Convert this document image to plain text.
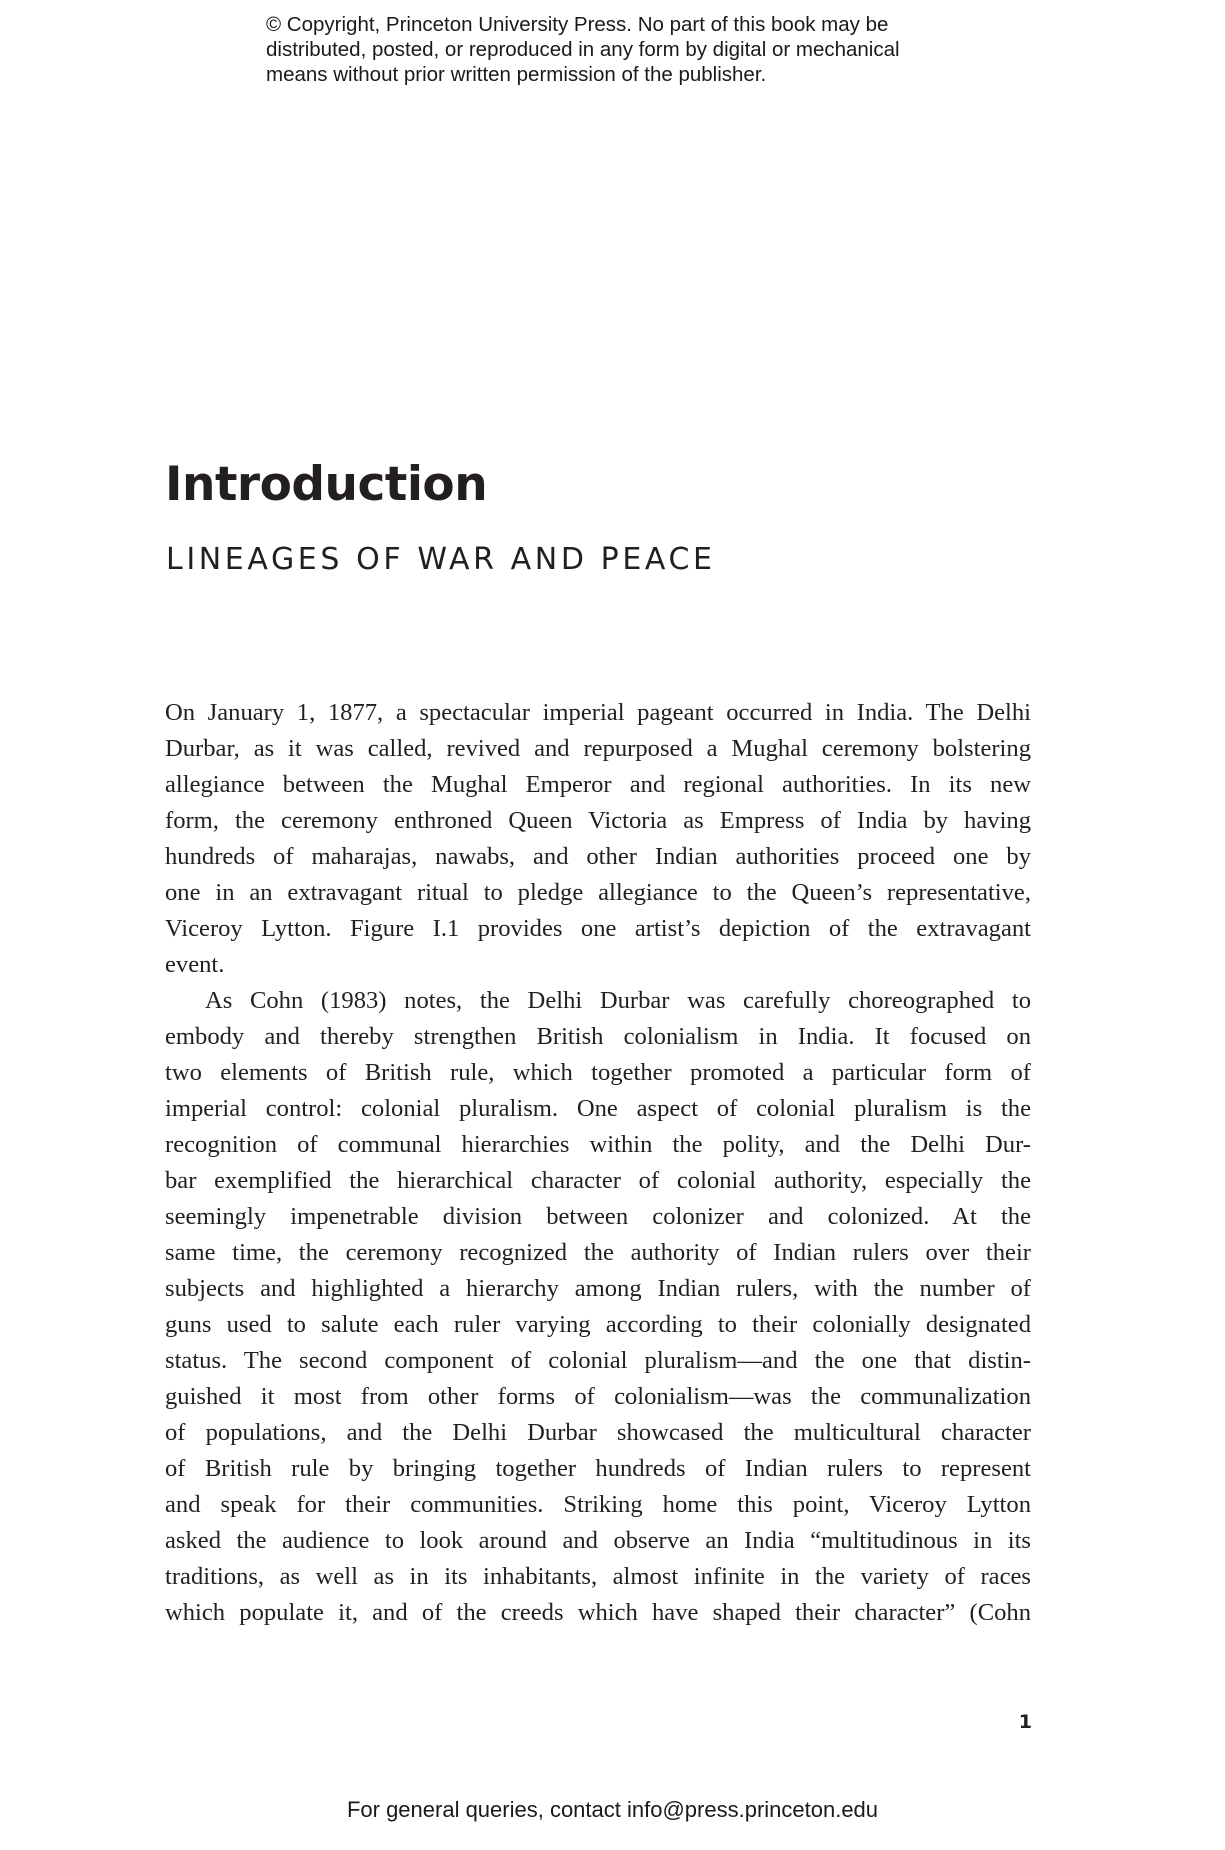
© Copyright, Princeton University Press. No part of this book may be
distributed, posted, or reproduced in any form by digital or mechanical
means without prior written permission of the publisher.
Introduction
LINEAGES OF WAR AND PEACE
On January 1, 1877, a spectacular imperial pageant occurred in India. The Delhi
Durbar, as it was called, revived and repurposed a Mughal ceremony bolstering
allegiance between the Mughal Emperor and regional authorities. In its new
form, the ceremony enthroned Queen Victoria as Empress of India by having
hundreds of maharajas, nawabs, and other Indian authorities proceed one by
one in an extravagant ritual to pledge allegiance to the Queen’s representative,
Viceroy Lytton. Figure I.1 provides one artist’s depiction of the extravagant
event.
As Cohn (1983) notes, the Delhi Durbar was carefully choreographed to
embody and thereby strengthen British colonialism in India. It focused on
two elements of British rule, which together promoted a particular form of
imperial control: colonial pluralism. One aspect of colonial pluralism is the
recognition of communal hierarchies within the polity, and the Delhi Dur-
bar exemplified the hierarchical character of colonial authority, especially the
seemingly impenetrable division between colonizer and colonized. At the
same time, the ceremony recognized the authority of Indian rulers over their
subjects and highlighted a hierarchy among Indian rulers, with the number of
guns used to salute each ruler varying according to their colonially designated
status. The second component of colonial pluralism—and the one that distin-
guished it most from other forms of colonialism—was the communalization
of populations, and the Delhi Durbar showcased the multicultural character
of British rule by bringing together hundreds of Indian rulers to represent
and speak for their communities. Striking home this point, Viceroy Lytton
asked the audience to look around and observe an India “multitudinous in its
traditions, as well as in its inhabitants, almost infinite in the variety of races
which populate it, and of the creeds which have shaped their character” (Cohn
1
For general queries, contact info@press.princeton.edu
